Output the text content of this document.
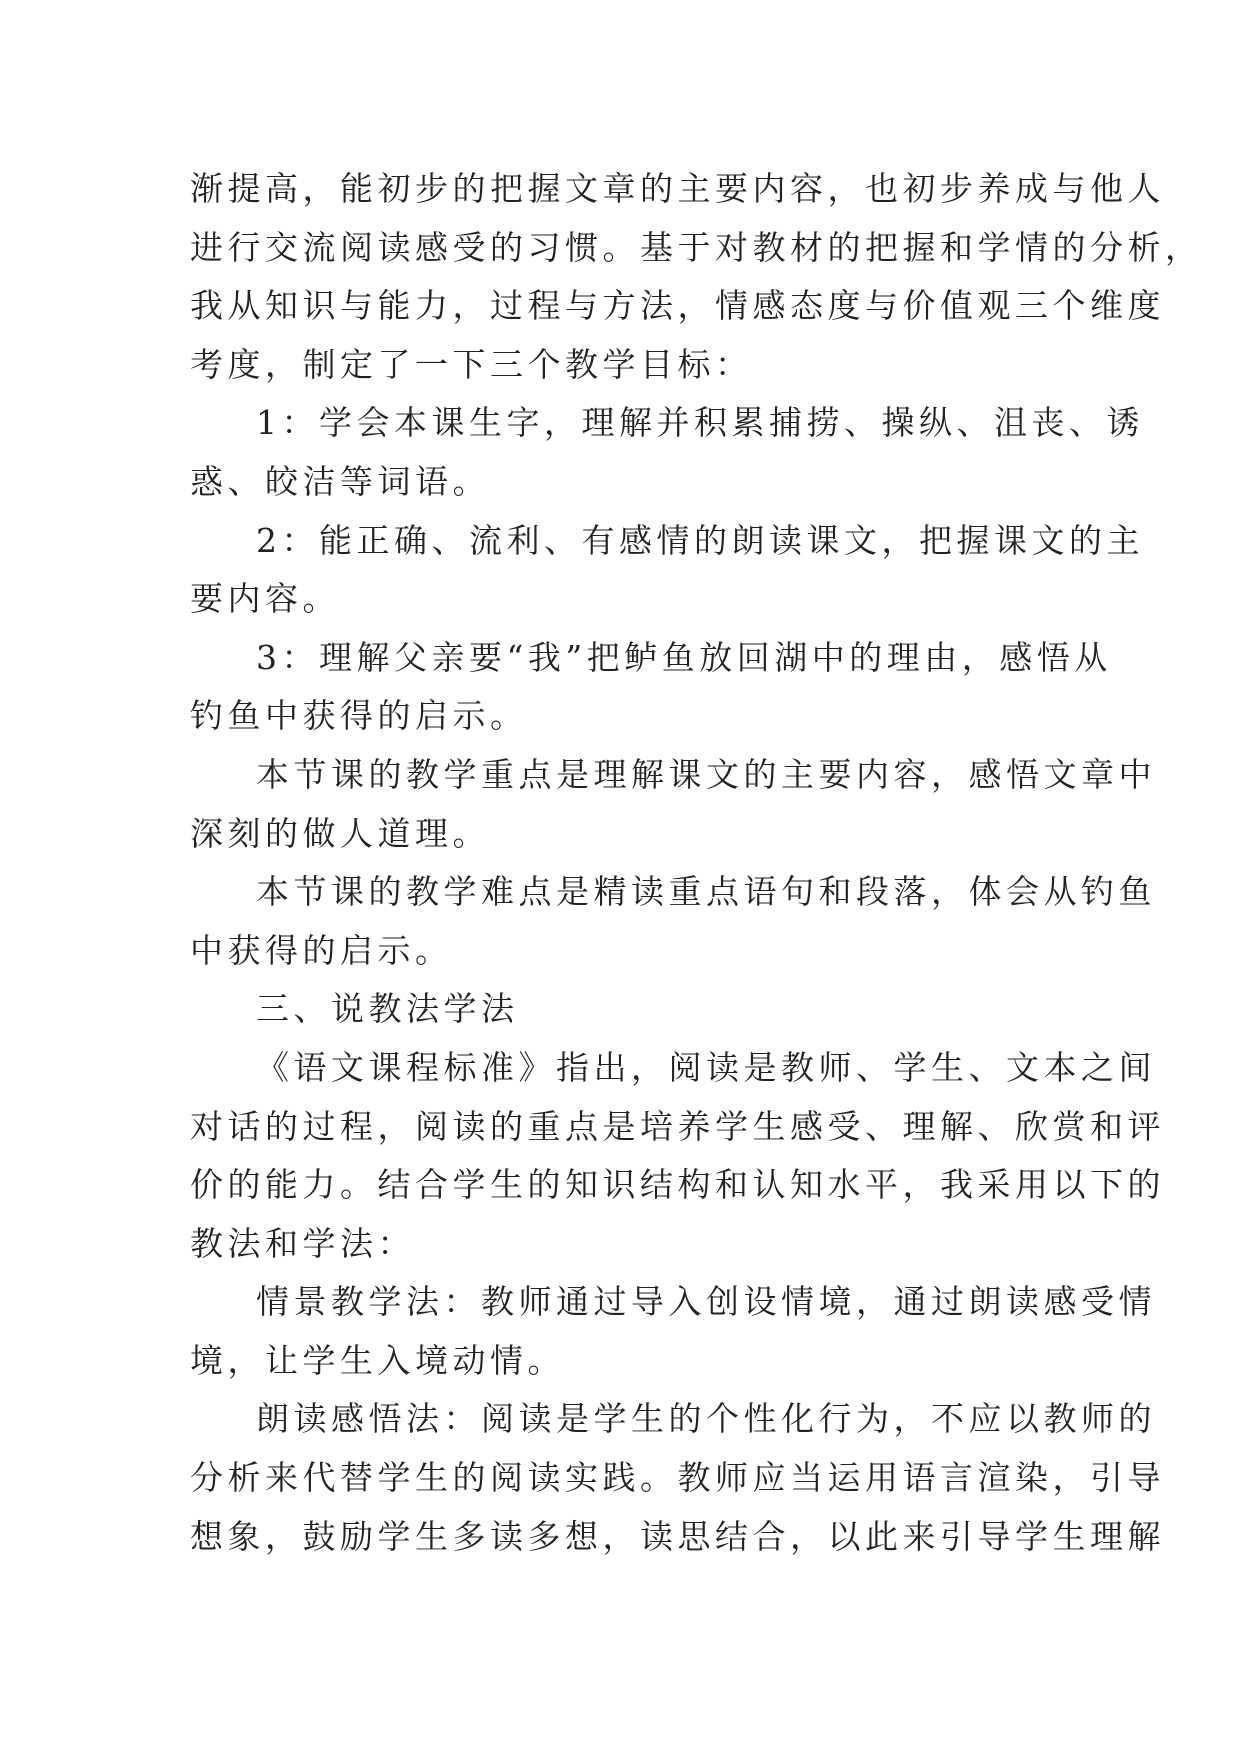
渐提高，能初步的把握文章的主要内容，也初步养成与他人
进行交流阅读感受的习惯。基于对教材的把握和学情的分析，
我从知识与能力，过程与方法，情感态度与价值观三个维度
考度，制定了一下三个教学目标：
1：学会本课生字，理解并积累捕捞、操纵、沮丧、诱
惑、皎洁等词语。
2：能正确、流利、有感情的朗读课文，把握课文的主
要内容。
3：理解父亲要“我”把鲈鱼放回湖中的理由，感悟从
钓鱼中获得的启示。
本节课的教学重点是理解课文的主要内容，感悟文章中
深刻的做人道理。
本节课的教学难点是精读重点语句和段落，体会从钓鱼
中获得的启示。
三、说教法学法
《语文课程标准》指出，阅读是教师、学生、文本之间
对话的过程，阅读的重点是培养学生感受、理解、欣赏和评
价的能力。结合学生的知识结构和认知水平，我采用以下的
教法和学法：
情景教学法：教师通过导入创设情境，通过朗读感受情
境，让学生入境动情。
朗读感悟法：阅读是学生的个性化行为，不应以教师的
分析来代替学生的阅读实践。教师应当运用语言渲染，引导
想象，鼓励学生多读多想，读思结合，以此来引导学生理解
